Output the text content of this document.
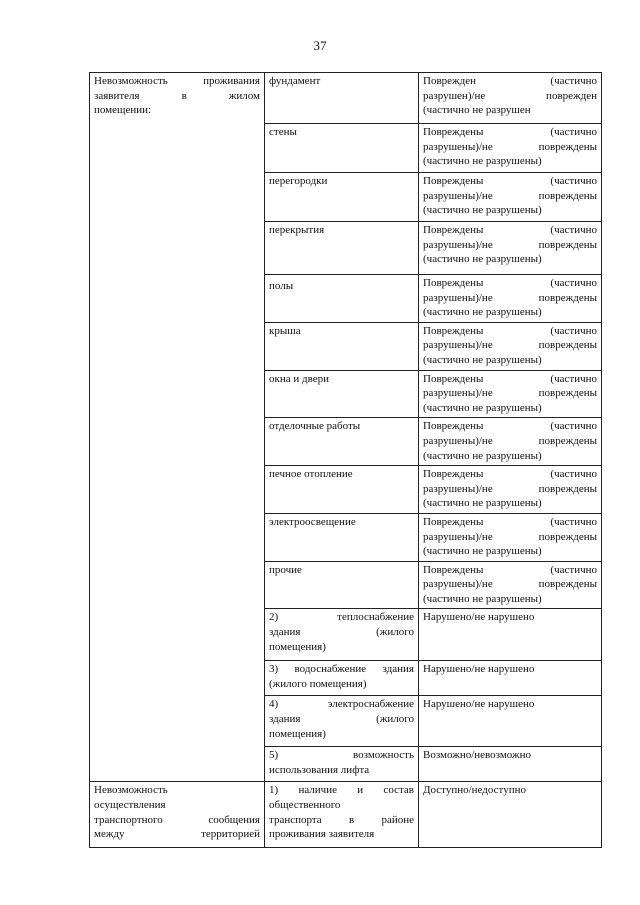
37
Невозможность проживания заявителя в жилом
помещении:	фундамент	Поврежден (частично
разрушен)/не поврежден
(частично не разрушен

	стены	Повреждены (частично
разрушены)/не повреждены
(частично не разрушены)

	перегородки	Повреждены (частично
разрушены)/не повреждены
(частично не разрушены)

	перекрытия	Повреждены (частично
разрушены)/не повреждены
(частично не разрушены)

	полы	Повреждены (частично
разрушены)/не повреждены
(частично не разрушены)

	крыша	Повреждены (частично
разрушены)/не повреждены
(частично не разрушены)

	окна и двери	Повреждены (частично
разрушены)/не повреждены
(частично не разрушены)

	отделочные работы	Повреждены (частично
разрушены)/не повреждены
(частично не разрушены)

	печное отопление	Повреждены (частично
разрушены)/не повреждены
(частично не разрушены)

	электроосвещение	Повреждены (частично
разрушены)/не повреждены
(частично не разрушены)

	прочие	Повреждены (частично
разрушены)/не повреждены
(частично не разрушены)

	2) теплоснабжение
здания (жилого
помещения)	Нарушено/не нарушено

	3) водоснабжение здания
(жилого помещения)	Нарушено/не нарушено

	4) электроснабжение
здания (жилого
помещения)	Нарушено/не нарушено

	5) возможность
использования лифта	Возможно/невозможно

Невозможность
осуществления
транспортного сообщения
между территорией	1) наличие и состав
общественного
транспорта в районе
проживания заявителя	Доступно/недоступно
